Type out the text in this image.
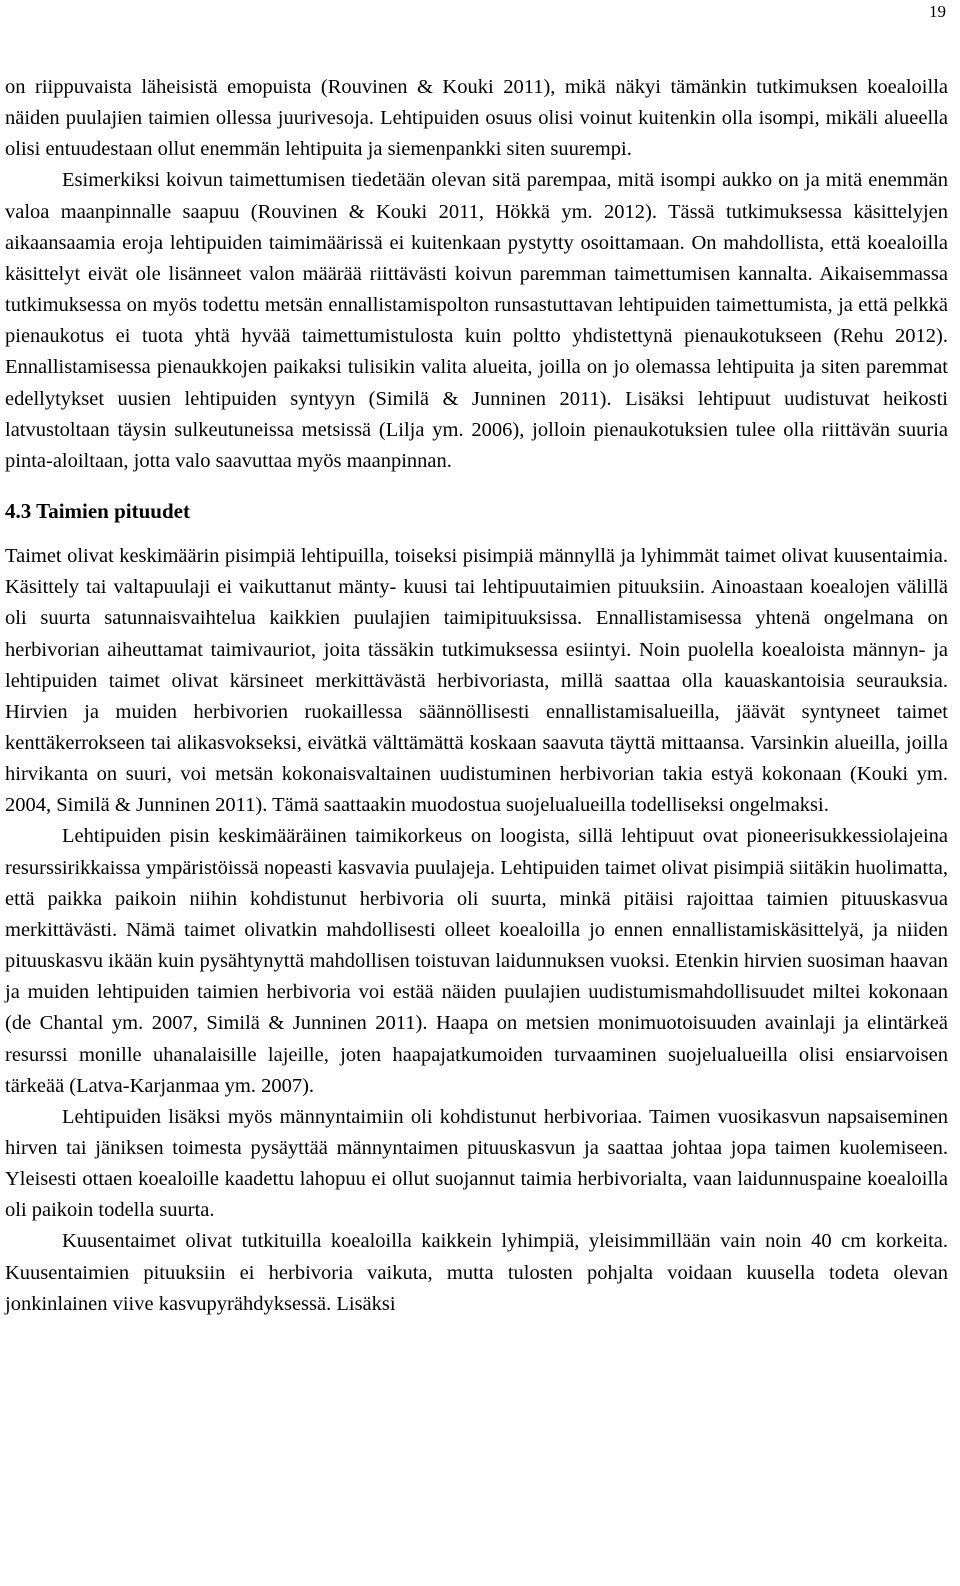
19

on riippuvaista läheisistä emopuista (Rouvinen & Kouki 2011), mikä näkyi tämänkin tutkimuksen koealoilla näiden puulajien taimien ollessa juurivesoja. Lehtipuiden osuus olisi voinut kuitenkin olla isompi, mikäli alueella olisi entuudestaan ollut enemmän lehtipuita ja siemenpankki siten suurempi.

Esimerkiksi koivun taimettumisen tiedetään olevan sitä parempaa, mitä isompi aukko on ja mitä enemmän valoa maanpinnalle saapuu (Rouvinen & Kouki 2011, Hökkä ym. 2012). Tässä tutkimuksessa käsittelyjen aikaansaamia eroja lehtipuiden taimimäärissä ei kuitenkaan pystytty osoittamaan. On mahdollista, että koealoilla käsittelyt eivät ole lisänneet valon määrää riittävästi koivun paremman taimettumisen kannalta. Aikaisemmassa tutkimuksessa on myös todettu metsän ennallistamispolton runsastuttavan lehtipuiden taimettumista, ja että pelkkä pienaukotus ei tuota yhtä hyvää taimettumistulosta kuin poltto yhdistettynä pienaukotukseen (Rehu 2012). Ennallistamisessa pienaukkojen paikaksi tulisikin valita alueita, joilla on jo olemassa lehtipuita ja siten paremmat edellytykset uusien lehtipuiden syntyyn (Similä & Junninen 2011). Lisäksi lehtipuut uudistuvat heikosti latvustoltaan täysin sulkeutuneissa metsissä (Lilja ym. 2006), jolloin pienaukotuksien tulee olla riittävän suuria pinta-aloiltaan, jotta valo saavuttaa myös maanpinnan.

4.3 Taimien pituudet

Taimet olivat keskimäärin pisimpiä lehtipuilla, toiseksi pisimpiä männyllä ja lyhimmät taimet olivat kuusentaimia. Käsittely tai valtapuulaji ei vaikuttanut mänty- kuusi tai lehtipuutaimien pituuksiin. Ainoastaan koealojen välillä oli suurta satunnaisvaihtelua kaikkien puulajien taimipituuksissa. Ennallistamisessa yhtenä ongelmana on herbivorian aiheuttamat taimivauriot, joita tässäkin tutkimuksessa esiintyi. Noin puolella koealoista männyn- ja lehtipuiden taimet olivat kärsineet merkittävästä herbivoriasta, millä saattaa olla kauaskantoisia seurauksia. Hirvien ja muiden herbivorien ruokaillessa säännöllisesti ennallistamisalueilla, jäävät syntyneet taimet kenttäkerrokseen tai alikasvokseksi, eivätkä välttämättä koskaan saavuta täyttä mittaansa. Varsinkin alueilla, joilla hirvikanta on suuri, voi metsän kokonaisvaltainen uudistuminen herbivorian takia estyä kokonaan (Kouki ym. 2004, Similä & Junninen 2011). Tämä saattaakin muodostua suojelualueilla todelliseksi ongelmaksi.

Lehtipuiden pisin keskimääräinen taimikorkeus on loogista, sillä lehtipuut ovat pioneerisukkessiolajeina resurssirikkaissa ympäristöissä nopeasti kasvavia puulajeja. Lehtipuiden taimet olivat pisimpiä siitäkin huolimatta, että paikka paikoin niihin kohdistunut herbivoria oli suurta, minkä pitäisi rajoittaa taimien pituuskasvua merkittävästi. Nämä taimet olivatkin mahdollisesti olleet koealoilla jo ennen ennallistamiskäsittelyä, ja niiden pituuskasvu ikään kuin pysähtynyttä mahdollisen toistuvan laidunnuksen vuoksi. Etenkin hirvien suosiman haavan ja muiden lehtipuiden taimien herbivoria voi estää näiden puulajien uudistumismahdollisuudet miltei kokonaan (de Chantal ym. 2007, Similä & Junninen 2011). Haapa on metsien monimuotoisuuden avainlaji ja elintärkeä resurssi monille uhanalaisille lajeille, joten haapajatkumoiden turvaaminen suojelualueilla olisi ensiarvoisen tärkeää (Latva-Karjanmaa ym. 2007).

Lehtipuiden lisäksi myös männyntaimiin oli kohdistunut herbivoriaa. Taimen vuosikasvun napsaiseminen hirven tai jäniksen toimesta pysäyttää männyntaimen pituuskasvun ja saattaa johtaa jopa taimen kuolemiseen. Yleisesti ottaen koealoille kaadettu lahopuu ei ollut suojannut taimia herbivorialta, vaan laidunnuspaine koealoilla oli paikoin todella suurta.

Kuusentaimet olivat tutkituilla koealoilla kaikkein lyhimpiä, yleisimmillään vain noin 40 cm korkeita. Kuusentaimien pituuksiin ei herbivoria vaikuta, mutta tulosten pohjalta voidaan kuusella todeta olevan jonkinlainen viive kasvupyrähdyksessä. Lisäksi
